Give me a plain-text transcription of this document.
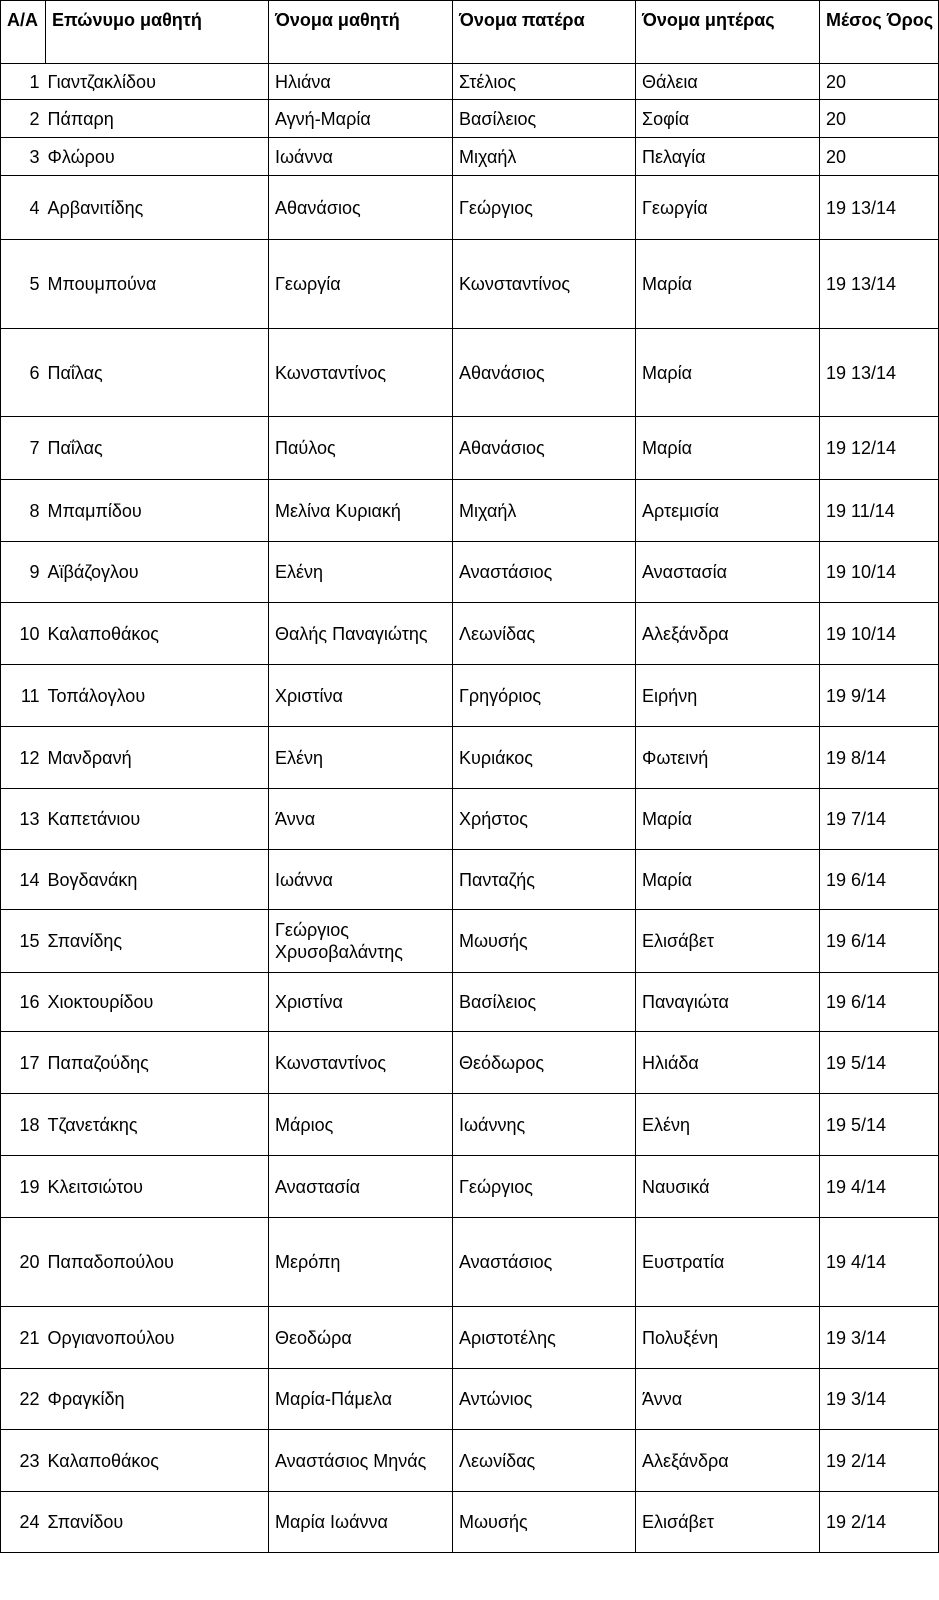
Α/Α	Επώνυμο μαθητή	Όνομα μαθητή	Όνομα πατέρα	Όνομα μητέρας	Μέσος Όρος
1	Γιαντζακλίδου	Ηλιάνα	Στέλιος	Θάλεια	20
2	Πάπαρη	Αγνή-Μαρία	Βασίλειος	Σοφία	20
3	Φλώρου	Ιωάννα	Μιχαήλ	Πελαγία	20
4	Αρβανιτίδης	Αθανάσιος	Γεώργιος	Γεωργία	19 13/14
5	Μπουμπούνα	Γεωργία	Κωνσταντίνος	Μαρία	19 13/14
6	Παΐλας	Κωνσταντίνος	Αθανάσιος	Μαρία	19 13/14
7	Παΐλας	Παύλος	Αθανάσιος	Μαρία	19 12/14
8	Μπαμπίδου	Μελίνα Κυριακή	Μιχαήλ	Αρτεμισία	19 11/14
9	Αϊβάζογλου	Ελένη	Αναστάσιος	Αναστασία	19 10/14
10	Καλαποθάκος	Θαλής Παναγιώτης	Λεωνίδας	Αλεξάνδρα	19 10/14
11	Τοπάλογλου	Χριστίνα	Γρηγόριος	Ειρήνη	19 9/14
12	Μανδρανή	Ελένη	Κυριάκος	Φωτεινή	19 8/14
13	Καπετάνιου	Άννα	Χρήστος	Μαρία	19 7/14
14	Βογδανάκη	Ιωάννα	Πανταζής	Μαρία	19 6/14
15	Σπανίδης	Γεώργιος Χρυσοβαλάντης	Μωυσής	Ελισάβετ	19 6/14
16	Χιοκτουρίδου	Χριστίνα	Βασίλειος	Παναγιώτα	19 6/14
17	Παπαζούδης	Κωνσταντίνος	Θεόδωρος	Ηλιάδα	19 5/14
18	Τζανετάκης	Μάριος	Ιωάννης	Ελένη	19 5/14
19	Κλειτσιώτου	Αναστασία	Γεώργιος	Ναυσικά	19 4/14
20	Παπαδοπούλου	Μερόπη	Αναστάσιος	Ευστρατία	19 4/14
21	Οργιανοπούλου	Θεοδώρα	Αριστοτέλης	Πολυξένη	19 3/14
22	Φραγκίδη	Μαρία-Πάμελα	Αντώνιος	Άννα	19 3/14
23	Καλαποθάκος	Αναστάσιος Μηνάς	Λεωνίδας	Αλεξάνδρα	19 2/14
24	Σπανίδου	Μαρία Ιωάννα	Μωυσής	Ελισάβετ	19 2/14
